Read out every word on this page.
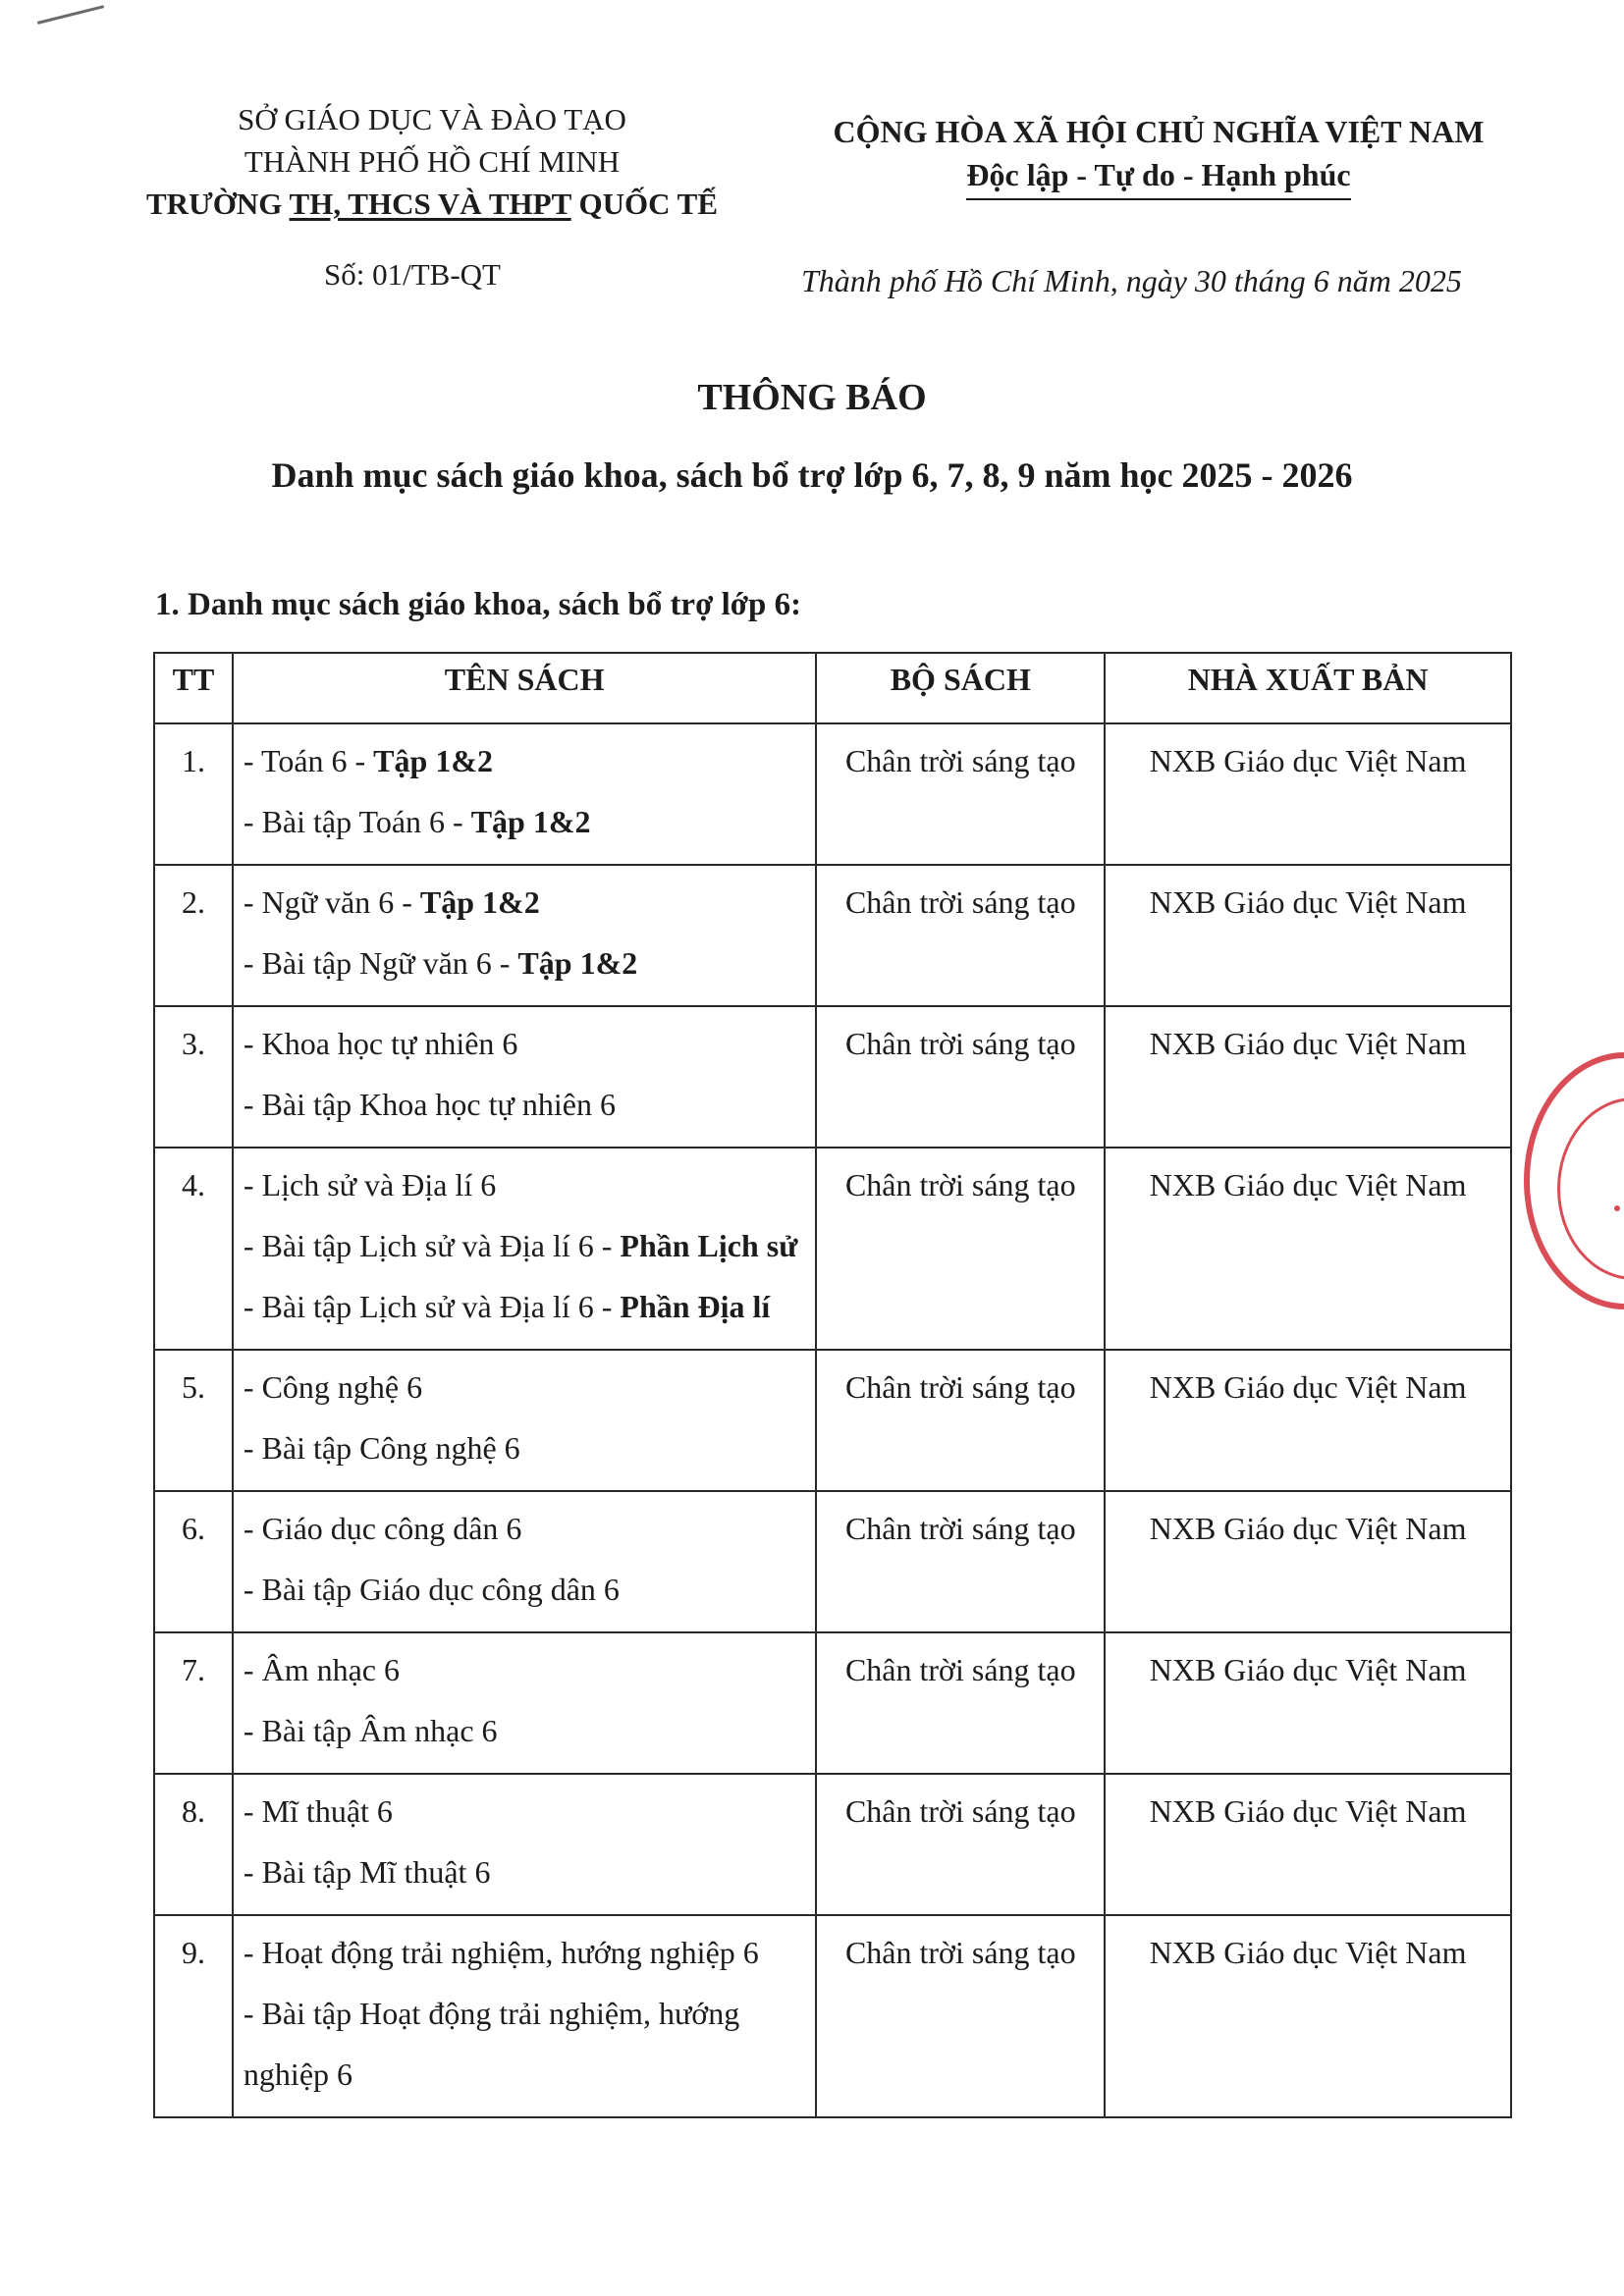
SỞ GIÁO DỤC VÀ ĐÀO TẠO
THÀNH PHỐ HỒ CHÍ MINH
TRƯỜNG TH, THCS VÀ THPT QUỐC TẾ
CỘNG HÒA XÃ HỘI CHỦ NGHĨA VIỆT NAM
Độc lập - Tự do - Hạnh phúc
Số: 01/TB-QT	Thành phố Hồ Chí Minh, ngày 30 tháng 6 năm 2025
THÔNG BÁO
Danh mục sách giáo khoa, sách bổ trợ lớp 6, 7, 8, 9 năm học 2025 - 2026
1. Danh mục sách giáo khoa, sách bổ trợ lớp 6:
TT	TÊN SÁCH	BỘ SÁCH	NHÀ XUẤT BẢN
1.	- Toán 6 - Tập 1&2
- Bài tập Toán 6 - Tập 1&2	Chân trời sáng tạo	NXB Giáo dục Việt Nam
2.	- Ngữ văn 6 - Tập 1&2
- Bài tập Ngữ văn 6 - Tập 1&2	Chân trời sáng tạo	NXB Giáo dục Việt Nam
3.	- Khoa học tự nhiên 6
- Bài tập Khoa học tự nhiên 6	Chân trời sáng tạo	NXB Giáo dục Việt Nam
4.	- Lịch sử và Địa lí 6
- Bài tập Lịch sử và Địa lí 6 - Phần Lịch sử
- Bài tập Lịch sử và Địa lí 6 - Phần Địa lí	Chân trời sáng tạo	NXB Giáo dục Việt Nam
5.	- Công nghệ 6
- Bài tập Công nghệ 6	Chân trời sáng tạo	NXB Giáo dục Việt Nam
6.	- Giáo dục công dân 6
- Bài tập Giáo dục công dân 6	Chân trời sáng tạo	NXB Giáo dục Việt Nam
7.	- Âm nhạc 6
- Bài tập Âm nhạc 6	Chân trời sáng tạo	NXB Giáo dục Việt Nam
8.	- Mĩ thuật 6
- Bài tập Mĩ thuật 6	Chân trời sáng tạo	NXB Giáo dục Việt Nam
9.	- Hoạt động trải nghiệm, hướng nghiệp 6
- Bài tập Hoạt động trải nghiệm, hướng nghiệp 6	Chân trời sáng tạo	NXB Giáo dục Việt Nam
